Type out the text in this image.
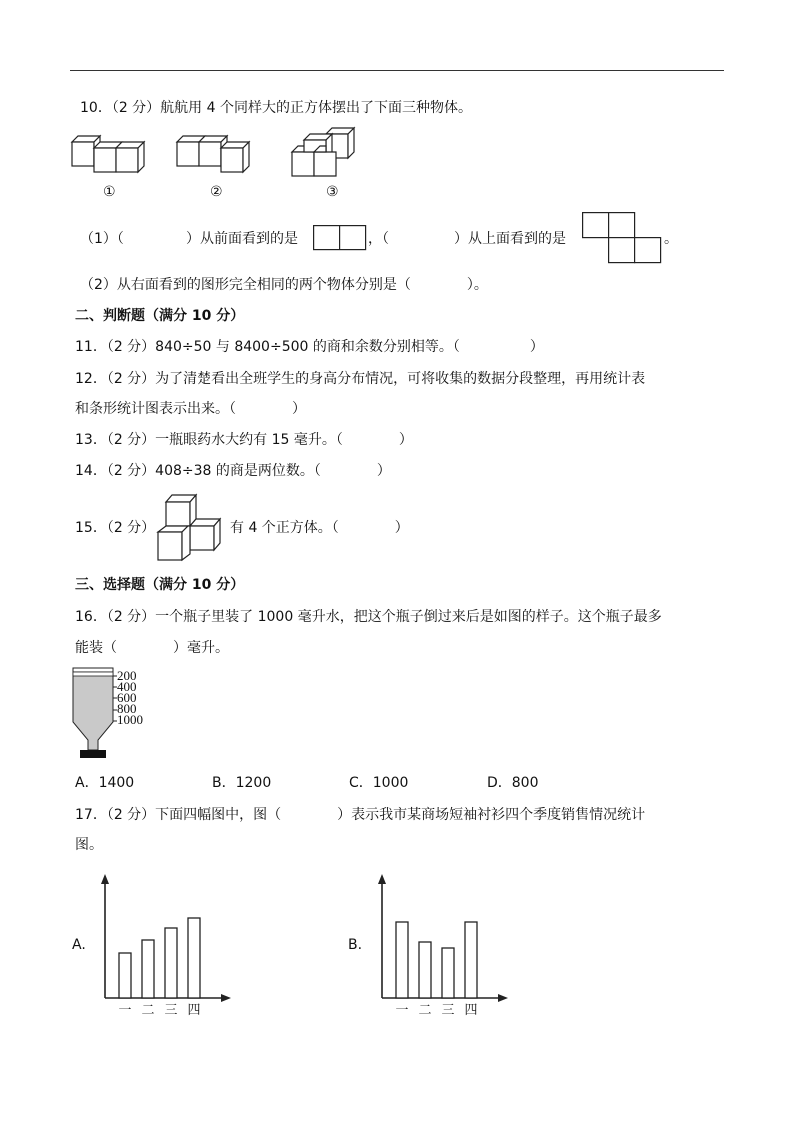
10．（2 分）航航用 4 个同样大的正方体摆出了下面三种物体。
①	②	③
（1）（	）从前面看到的是	，（	）从上面看到的是	。
（2）从右面看到的图形完全相同的两个物体分别是（　　　　）。
二、判断题（满分 10 分）
11．（2 分）840÷50 与 8400÷500 的商和余数分别相等。（　　　　　）
12．（2 分）为了清楚看出全班学生的身高分布情况，可将收集的数据分段整理，再用统计表
和条形统计图表示出来。（　　　　）
13．（2 分）一瓶眼药水大约有 15 毫升。（　　　　）
14．（2 分）408÷38 的商是两位数。（　　　　）
15．（2 分）	有 4 个正方体。（　　　　）
三、选择题（满分 10 分）
16．（2 分）一个瓶子里装了 1000 毫升水，把这个瓶子倒过来后是如图的样子。这个瓶子最多
能装（　　　　）毫升。
200
400
600
800
1000
A．1400	B．1200	C．1000	D．800
17．（2 分）下面四幅图中，图（　　　　）表示我市某商场短袖衬衫四个季度销售情况统计
图。
A.
一 二 三 四
B.
一 二 三 四
